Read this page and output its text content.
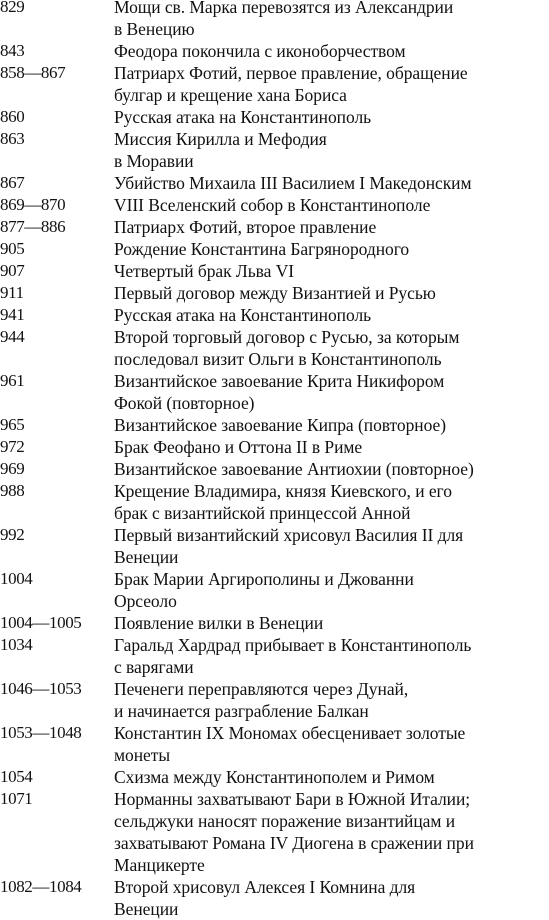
829	Мощи св. Марка перевозятся из Александрии
в Венецию
843	Феодора покончила с иконоборчеством
858—867	Патриарх Фотий, первое правление, обращение
булгар и крещение хана Бориса
860	Русская атака на Константинополь
863	Миссия Кирилла и Мефодия
в Моравии
867	Убийство Михаила III Василием I Македонским
869—870	VIII Вселенский собор в Константинополе
877—886	Патриарх Фотий, второе правление
905	Рождение Константина Багрянородного
907	Четвертый брак Льва VI
911	Первый договор между Византией и Русью
941	Русская атака на Константинополь
944	Второй торговый договор с Русью, за которым
последовал визит Ольги в Константинополь
961	Византийское завоевание Крита Никифором
Фокой (повторное)
965	Византийское завоевание Кипра (повторное)
972	Брак Феофано и Оттона II в Риме
969	Византийское завоевание Антиохии (повторное)
988	Крещение Владимира, князя Киевского, и его
брак с византийской принцессой Анной
992	Первый византийский хрисовул Василия II для
Венеции
1004	Брак Марии Аргирополины и Джованни
Орсеоло
1004—1005	Появление вилки в Венеции
1034	Гаральд Хардрад прибывает в Константинополь
с варягами
1046—1053	Печенеги переправляются через Дунай,
и начинается разграбление Балкан
1053—1048	Константин IX Мономах обесценивает золотые
монеты
1054	Схизма между Константинополем и Римом
1071	Норманны захватывают Бари в Южной Италии;
сельджуки наносят поражение византийцам и
захватывают Романа IV Диогена в сражении при
Манцикерте
1082—1084	Второй хрисовул Алексея I Комнина для
Венеции
